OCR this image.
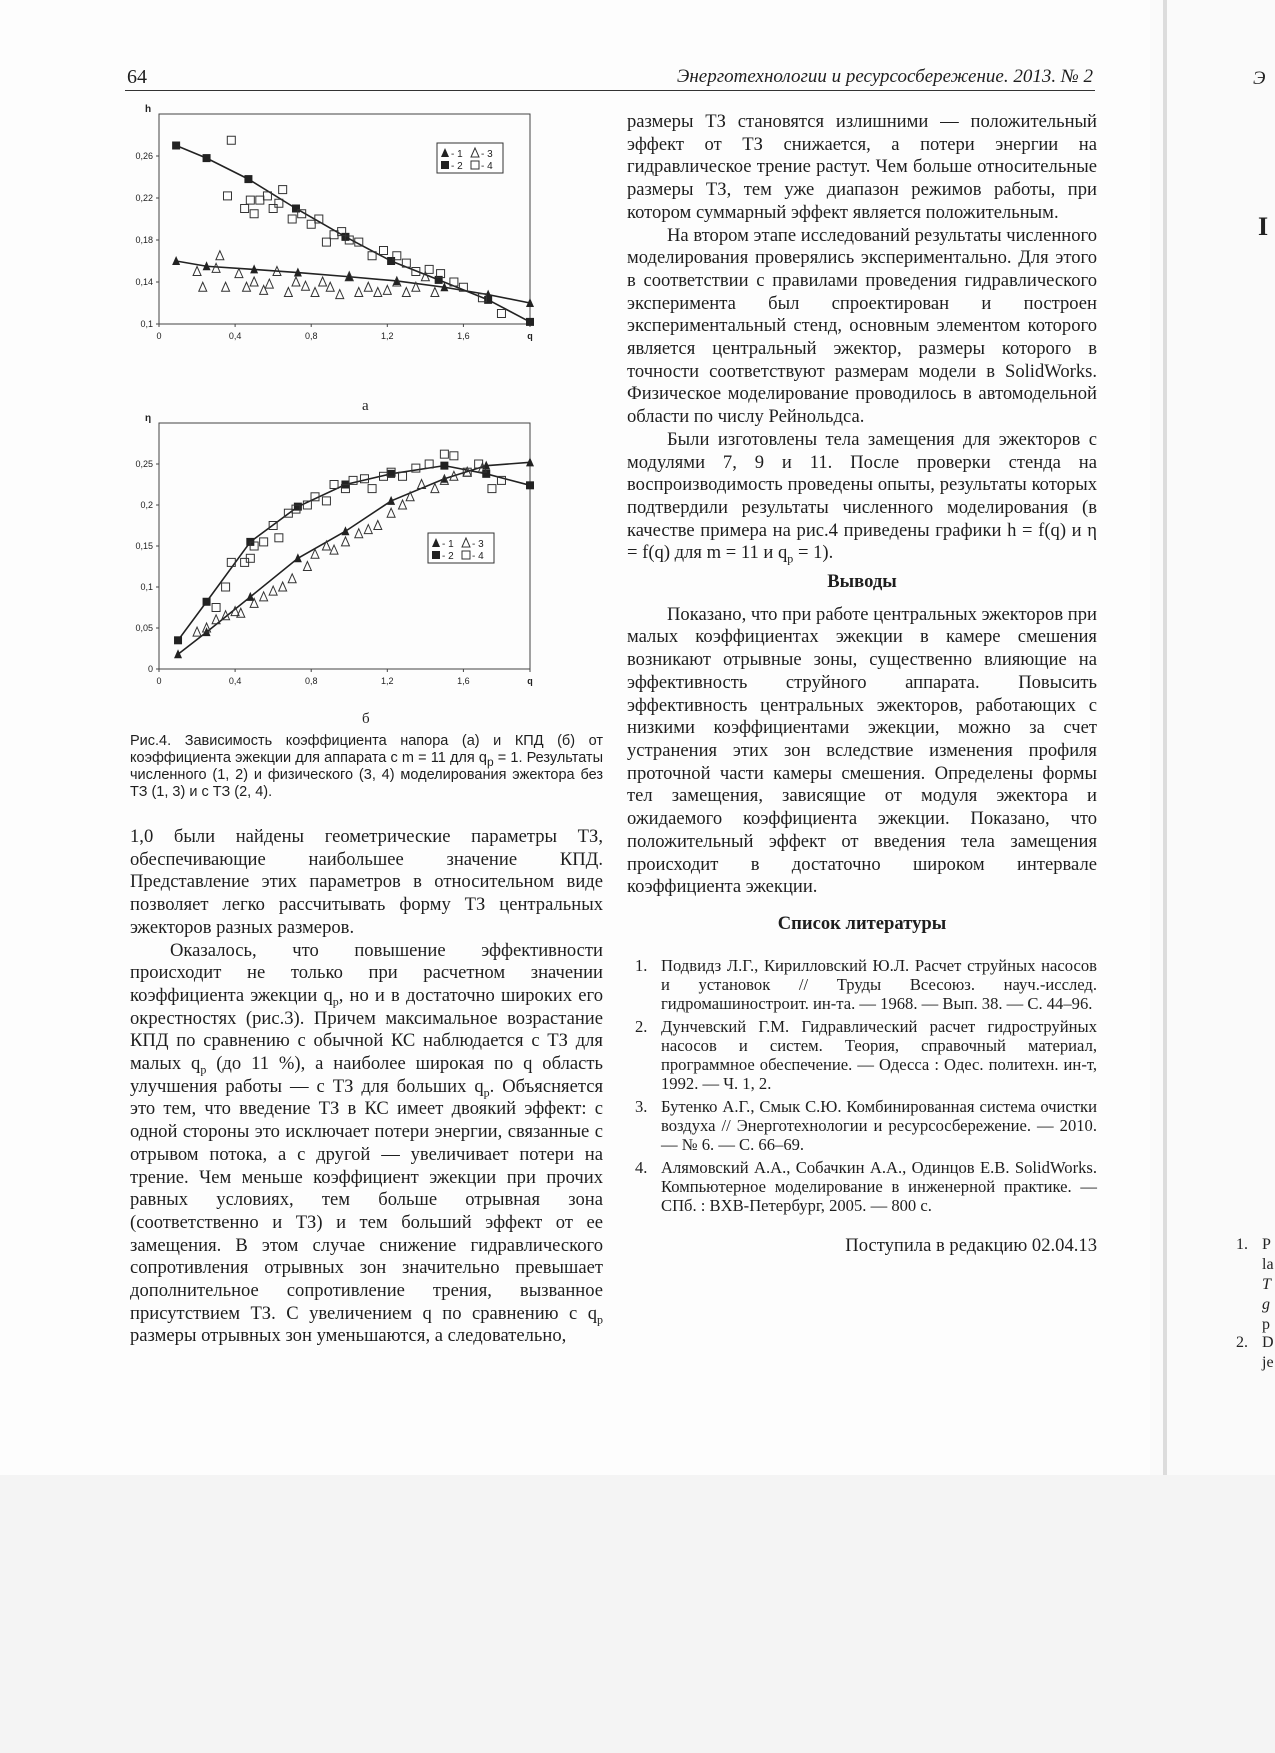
64	Энерготехнологии и ресурсосбережение. 2013. № 2	Э
I
1. P
la
T
g
p
2. D
je
0,1
0,14
0,18
0,22
0,26
0	0,4	0,8	1,2	1,6	q
h
- 1 - 3
- 2 - 4
а
0
0,05
0,1
0,15
0,2
0,25
0	0,4	0,8	1,2	1,6	q
η
- 1 - 3
- 2 - 4
б
Рис.4. Зависимость коэффициента напора (а) и КПД (б) от коэффициента эжекции для аппарата с m = 11 для $q_p = 1$. Результаты численного (1, 2) и физического (3, 4) моделирования эжектора без ТЗ (1, 3) и с ТЗ (2, 4).

1,0 были найдены геометрические параметры ТЗ, обеспечивающие наибольшее значение КПД. Представление этих параметров в относительном виде позволяет легко рассчитывать форму ТЗ центральных эжекторов разных размеров.

Оказалось, что повышение эффективности происходит не только при расчетном значении коэффициента эжекции $q_p$, но и в достаточно широких его окрестностях (рис.3). Причем максимальное возрастание КПД по сравнению с обычной КС наблюдается с ТЗ для малых $q_p$ (до 11 %), а наиболее широкая по q область улучшения работы — с ТЗ для больших $q_p$. Объясняется это тем, что введение ТЗ в КС имеет двоякий эффект: с одной стороны это исключает потери энергии, связанные с отрывом потока, а с другой — увеличивает потери на трение. Чем меньше коэффициент эжекции при прочих равных условиях, тем больше отрывная зона (соответственно и ТЗ) и тем больший эффект от ее замещения. В этом случае снижение гидравлического сопротивления отрывных зон значительно превышает дополнительное сопротивление трения, вызванное присутствием ТЗ. С увеличением q по сравнению с $q_p$ размеры отрывных зон уменьшаются, а следовательно,

размеры ТЗ становятся излишними — положительный эффект от ТЗ снижается, а потери энергии на гидравлическое трение растут. Чем больше относительные размеры ТЗ, тем уже диапазон режимов работы, при котором суммарный эффект является положительным.

На втором этапе исследований результаты численного моделирования проверялись экспериментально. Для этого в соответствии с правилами проведения гидравлического эксперимента был спроектирован и построен экспериментальный стенд, основным элементом которого является центральный эжектор, размеры которого в точности соответствуют размерам модели в SolidWorks. Физическое моделирование проводилось в автомодельной области по числу Рейнольдса.

Были изготовлены тела замещения для эжекторов с модулями 7, 9 и 11. После проверки стенда на воспроизводимость проведены опыты, результаты которых подтвердили результаты численного моделирования (в качестве примера на рис.4 приведены графики h = f(q) и η = f(q) для m = 11 и $q_p = 1$).

Выводы

Показано, что при работе центральных эжекторов при малых коэффициентах эжекции в камере смешения возникают отрывные зоны, существенно влияющие на эффективность струйного аппарата. Повысить эффективность центральных эжекторов, работающих с низкими коэффициентами эжекции, можно за счет устранения этих зон вследствие изменения профиля проточной части камеры смешения. Определены формы тел замещения, зависящие от модуля эжектора и ожидаемого коэффициента эжекции. Показано, что положительный эффект от введения тела замещения происходит в достаточно широком интервале коэффициента эжекции.

Список литературы

1. Подвидз Л.Г., Кирилловский Ю.Л. Расчет струйных насосов и установок // Труды Всесоюз. науч.-исслед. гидромашиностроит. ин-та. — 1968. — Вып. 38. — С. 44–96.
2. Дунчевский Г.М. Гидравлический расчет гидроструйных насосов и систем. Теория, справочный материал, программное обеспечение. — Одесса : Одес. политехн. ин-т, 1992. — Ч. 1, 2.
3. Бутенко А.Г., Смык С.Ю. Комбинированная система очистки воздуха // Энерготехнологии и ресурсосбережение. — 2010. — № 6. — С. 66–69.
4. Алямовский А.А., Собачкин А.А., Одинцов Е.В. SolidWorks. Компьютерное моделирование в инженерной практике. — СПб. : BXB-Петербург, 2005. — 800 с.
Поступила в редакцию 02.04.13
